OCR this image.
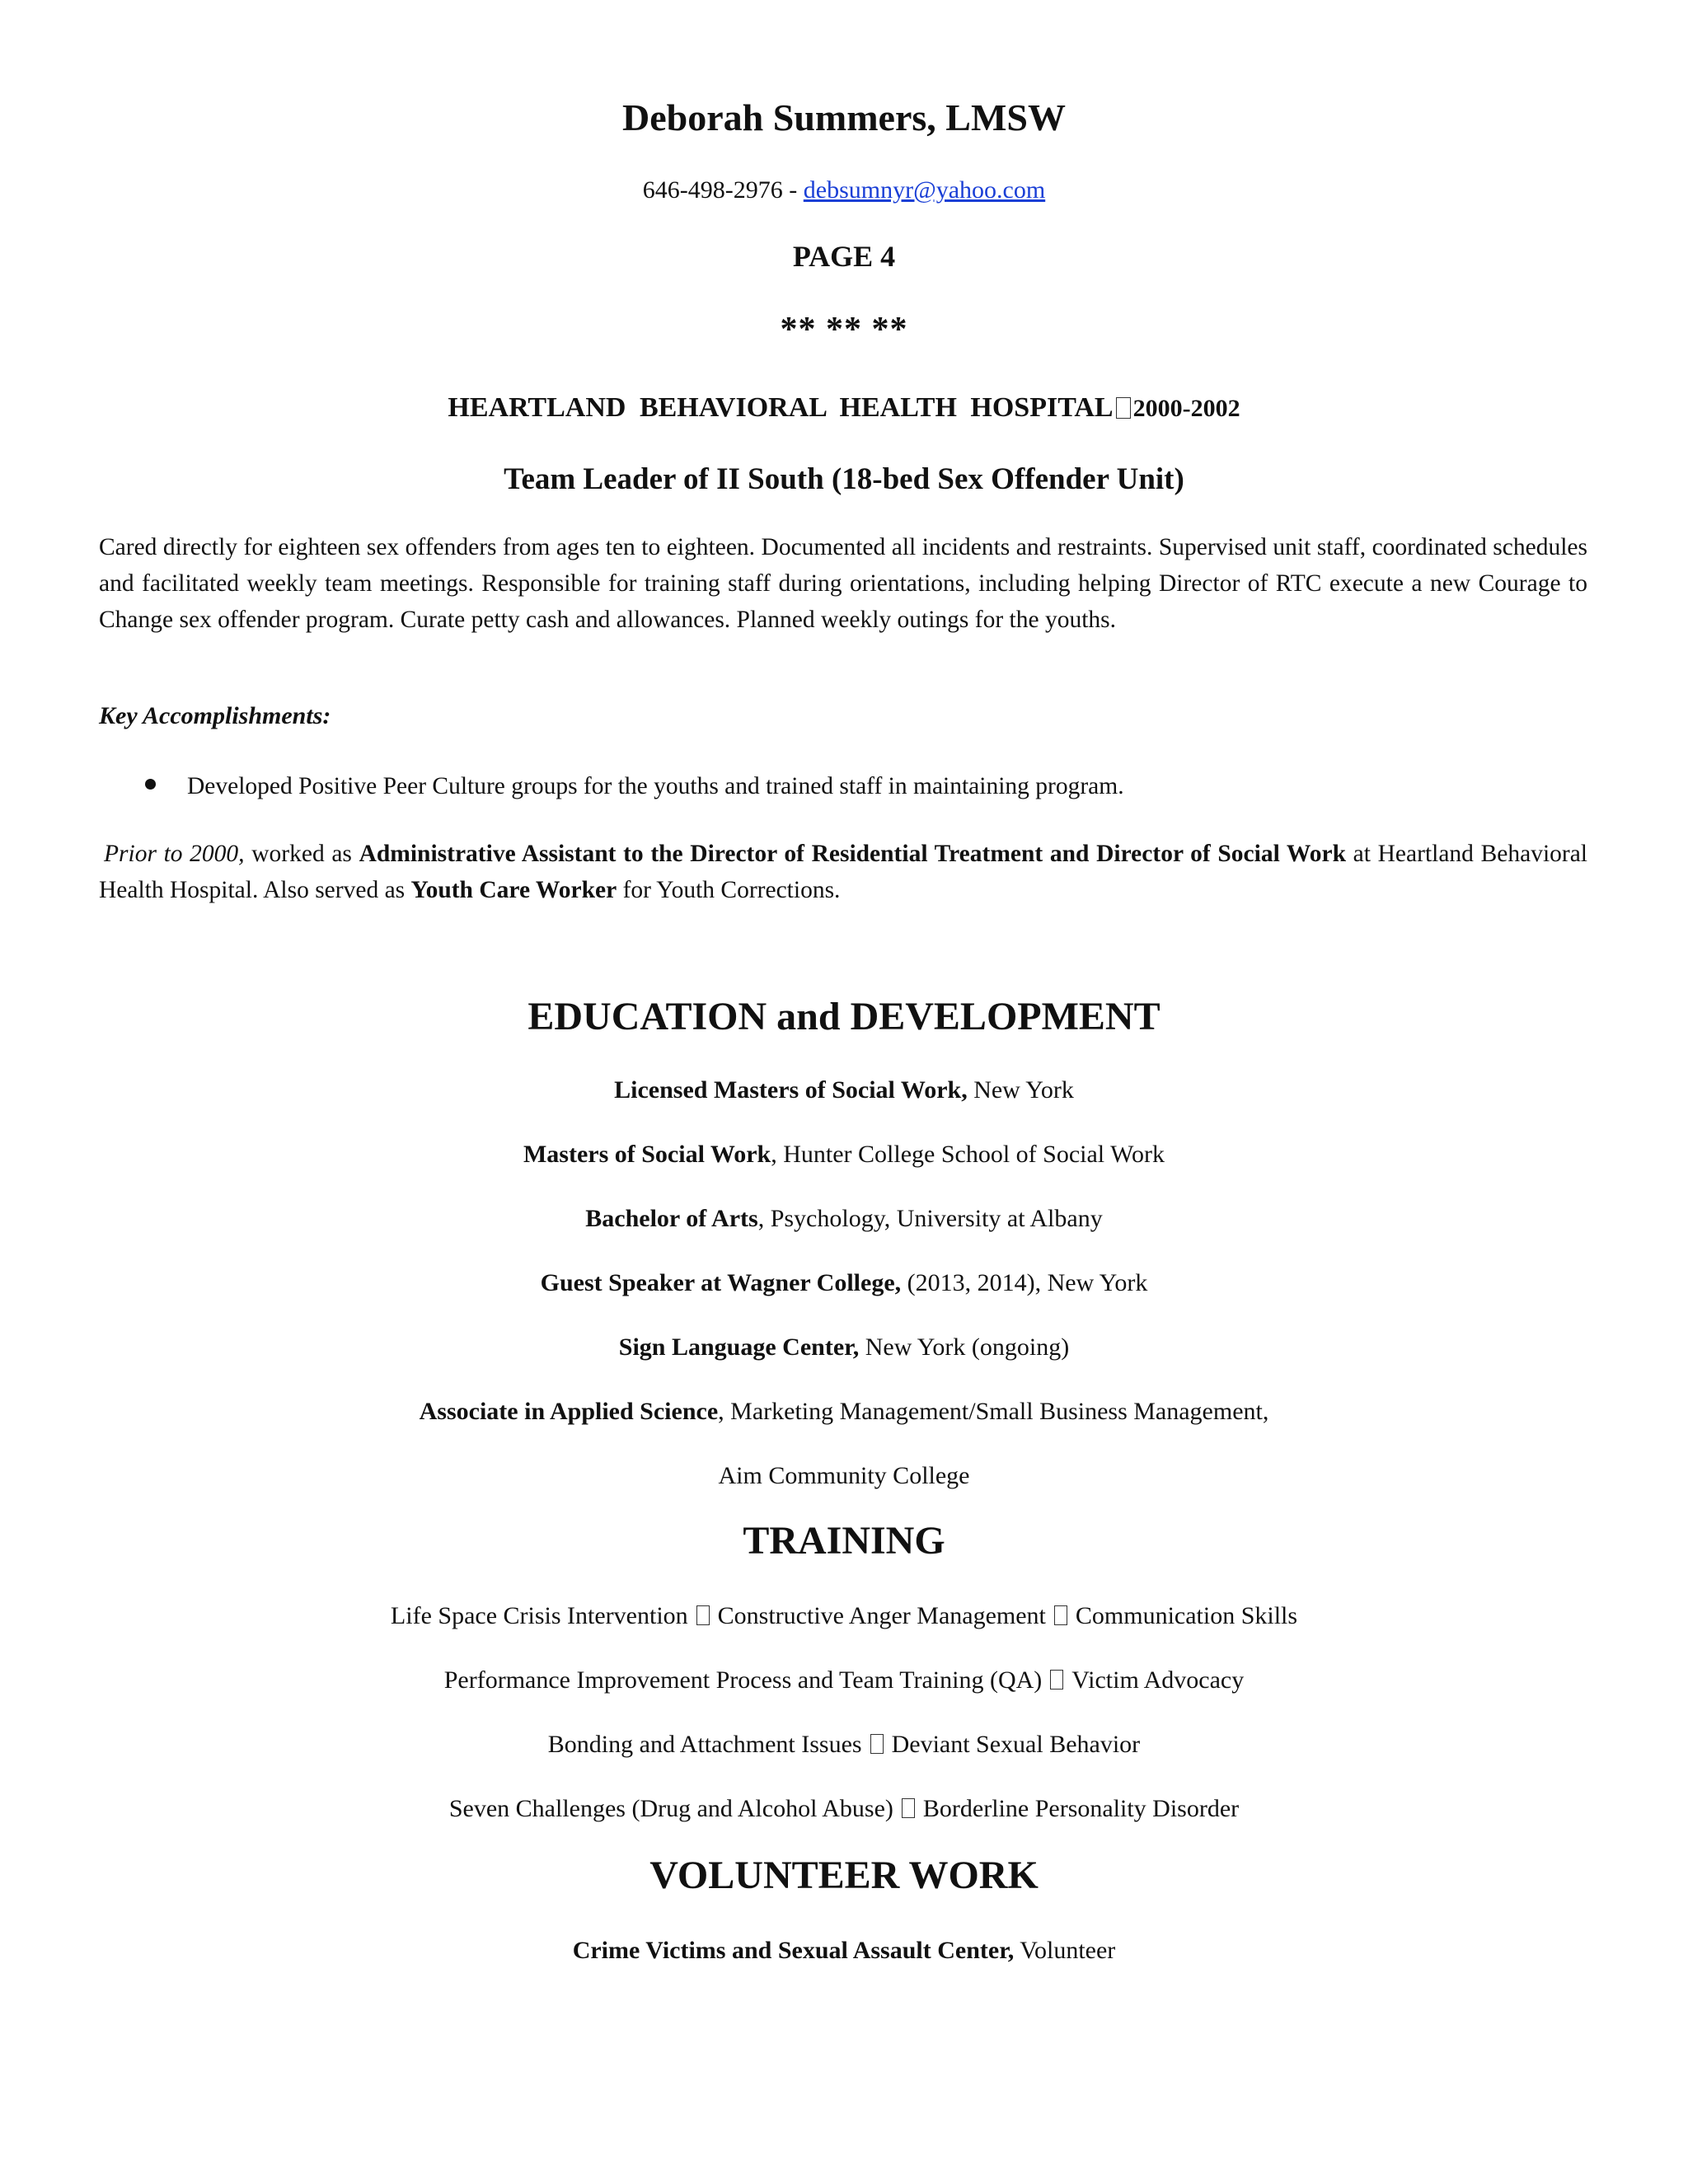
Deborah Summers, LMSW
646-498-2976 - debsumnyr@yahoo.com
PAGE 4
** ** **
HEARTLAND BEHAVIORAL HEALTH HOSPITAL 2000-2002
Team Leader of II South (18-bed Sex Offender Unit)
Cared directly for eighteen sex offenders from ages ten to eighteen. Documented all incidents and restraints. Supervised unit staff, coordinated schedules and facilitated weekly team meetings. Responsible for training staff during orientations, including helping Director of RTC execute a new Courage to Change sex offender program. Curate petty cash and allowances. Planned weekly outings for the youths.
Key Accomplishments:
Developed Positive Peer Culture groups for the youths and trained staff in maintaining program.
Prior to 2000, worked as Administrative Assistant to the Director of Residential Treatment and Director of Social Work at Heartland Behavioral Health Hospital. Also served as Youth Care Worker for Youth Corrections.
EDUCATION and DEVELOPMENT
Licensed Masters of Social Work, New York
Masters of Social Work, Hunter College School of Social Work
Bachelor of Arts, Psychology, University at Albany
Guest Speaker at Wagner College, (2013, 2014), New York
Sign Language Center, New York (ongoing)
Associate in Applied Science, Marketing Management/Small Business Management,
Aim Community College
TRAINING
Life Space Crisis Intervention Constructive Anger Management Communication Skills
Performance Improvement Process and Team Training (QA) Victim Advocacy
Bonding and Attachment Issues Deviant Sexual Behavior
Seven Challenges (Drug and Alcohol Abuse) Borderline Personality Disorder
VOLUNTEER WORK
Crime Victims and Sexual Assault Center, Volunteer
